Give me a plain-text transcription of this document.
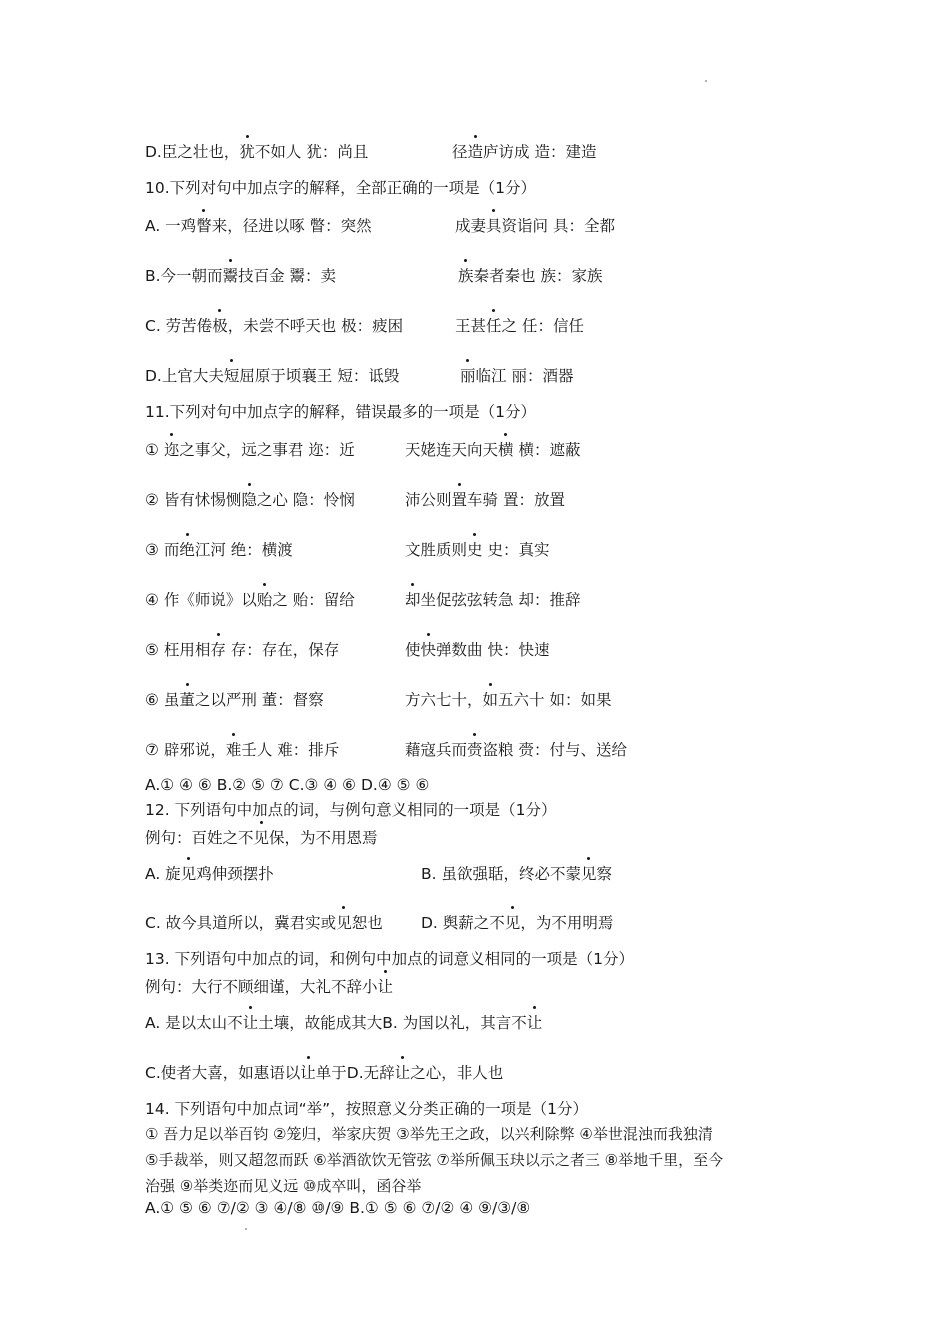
D.臣之壮也，犹不如人 犹：尚且	径造庐访成 造：建造
10.下列对句中加点字的解释，全部正确的一项是（1分）
A. 一鸡瞥来，径进以啄 瞥：突然	成妻具资诣问 具：全都
B.今一朝而鬻技百金 鬻：卖	族秦者秦也 族：家族
C. 劳苦倦极，未尝不呼天也 极：疲困	王甚任之 任：信任
D.上官大夫短屈原于顷襄王 短：诋毁	丽临江 丽：酒器
11.下列对句中加点字的解释，错误最多的一项是（1分）
① 迩之事父，远之事君 迩：近	天姥连天向天横 横：遮蔽
② 皆有怵惕恻隐之心 隐：怜悯	沛公则置车骑 置：放置
③ 而绝江河 绝：横渡	文胜质则史 史：真实
④ 作《师说》以贻之 贻：留给	却坐促弦弦转急 却：推辞
⑤ 枉用相存 存：存在，保存	使快弹数曲 快：快速
⑥ 虽董之以严刑 董：督察	方六七十，如五六十 如：如果
⑦ 辟邪说，难壬人 难：排斥	藉寇兵而赍盗粮 赍：付与、送给
A.① ④ ⑥ B.② ⑤ ⑦ C.③ ④ ⑥ D.④ ⑤ ⑥
12. 下列语句中加点的词，与例句意义相同的一项是（1分）
例句：百姓之不见保，为不用恩焉
A. 旋见鸡伸颈摆扑	B. 虽欲强聒，终必不蒙见察
C. 故今具道所以，冀君实或见恕也 D. 舆薪之不见，为不用明焉
13. 下列语句中加点的词，和例句中加点的词意义相同的一项是（1分）
例句：大行不顾细谨，大礼不辞小让
A. 是以太山不让土壤，故能成其大B. 为国以礼，其言不让
C.使者大喜，如惠语以让单于D.无辞让之心，非人也
14. 下列语句中加点词“举”，按照意义分类正确的一项是（1分）
① 吾力足以举百钧 ②笼归，举家庆贺 ③举先王之政，以兴利除弊 ④举世混浊而我独清
⑤手裁举，则又超忽而跃 ⑥举酒欲饮无管弦 ⑦举所佩玉玦以示之者三 ⑧举地千里，至今
治强 ⑨举类迩而见义远 ⑩成卒叫，函谷举
A.① ⑤ ⑥ ⑦/② ③ ④/⑧ ⑩/⑨ B.① ⑤ ⑥ ⑦/② ④ ⑨/③/⑧
